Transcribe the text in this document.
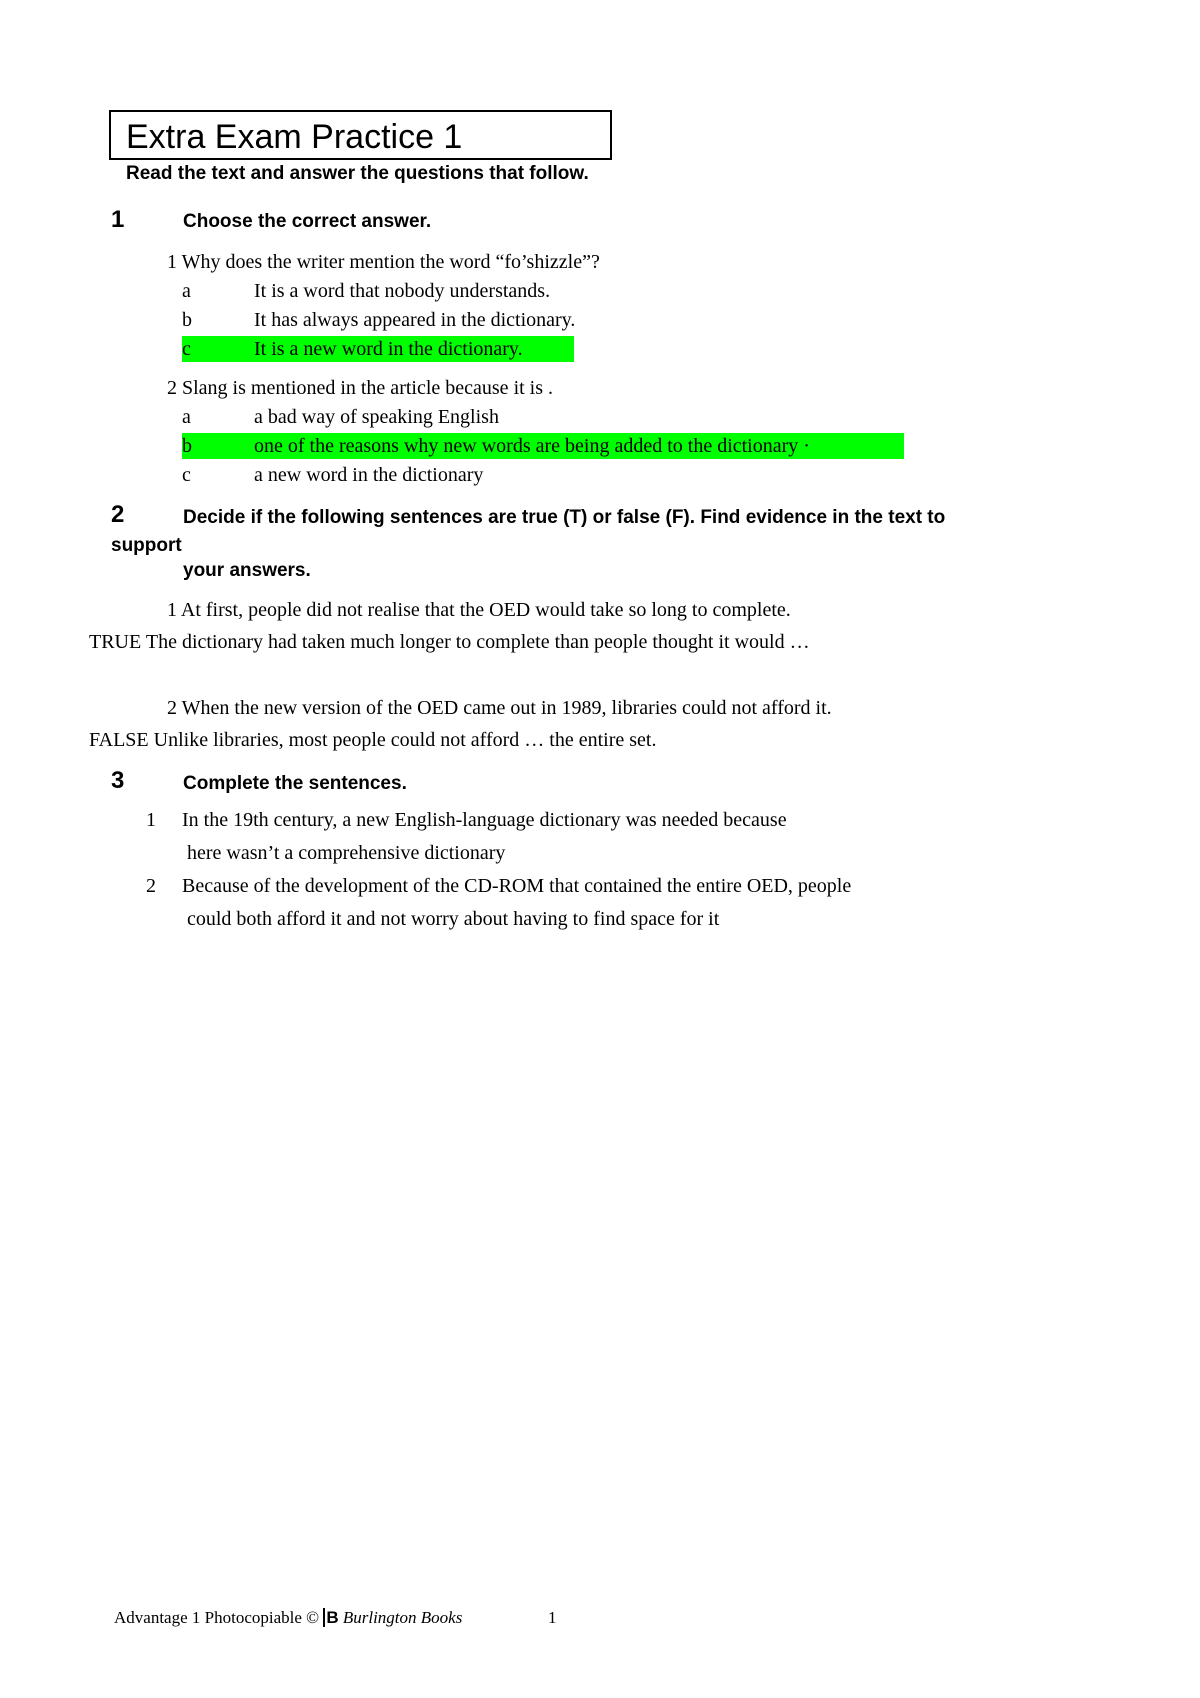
Extra Exam Practice 1
Read the text and answer the questions that follow.
1	Choose the correct answer.
1 Why does the writer mention the word “fo’shizzle”?
a	It is a word that nobody understands.
b	It has always appeared in the dictionary.
c	It is a new word in the dictionary.
2 Slang is mentioned in the article because it is .
a	a bad way of speaking English
b	one of the reasons why new words are being added to the dictionary ·
c	a new word in the dictionary
2	Decide if the following sentences are true (T) or false (F). Find evidence in the text to
support
your answers.
1 At first, people did not realise that the OED would take so long to complete.
TRUE The dictionary had taken much longer to complete than people thought it would …
2 When the new version of the OED came out in 1989, libraries could not afford it.
FALSE Unlike libraries, most people could not afford … the entire set.
3	Complete the sentences.
1 In the 19th century, a new English-language dictionary was needed because
here wasn’t a comprehensive dictionary
2 Because of the development of the CD-ROM that contained the entire OED, people
could both afford it and not worry about having to find space for it
Advantage 1 Photocopiable © B Burlington Books	1
